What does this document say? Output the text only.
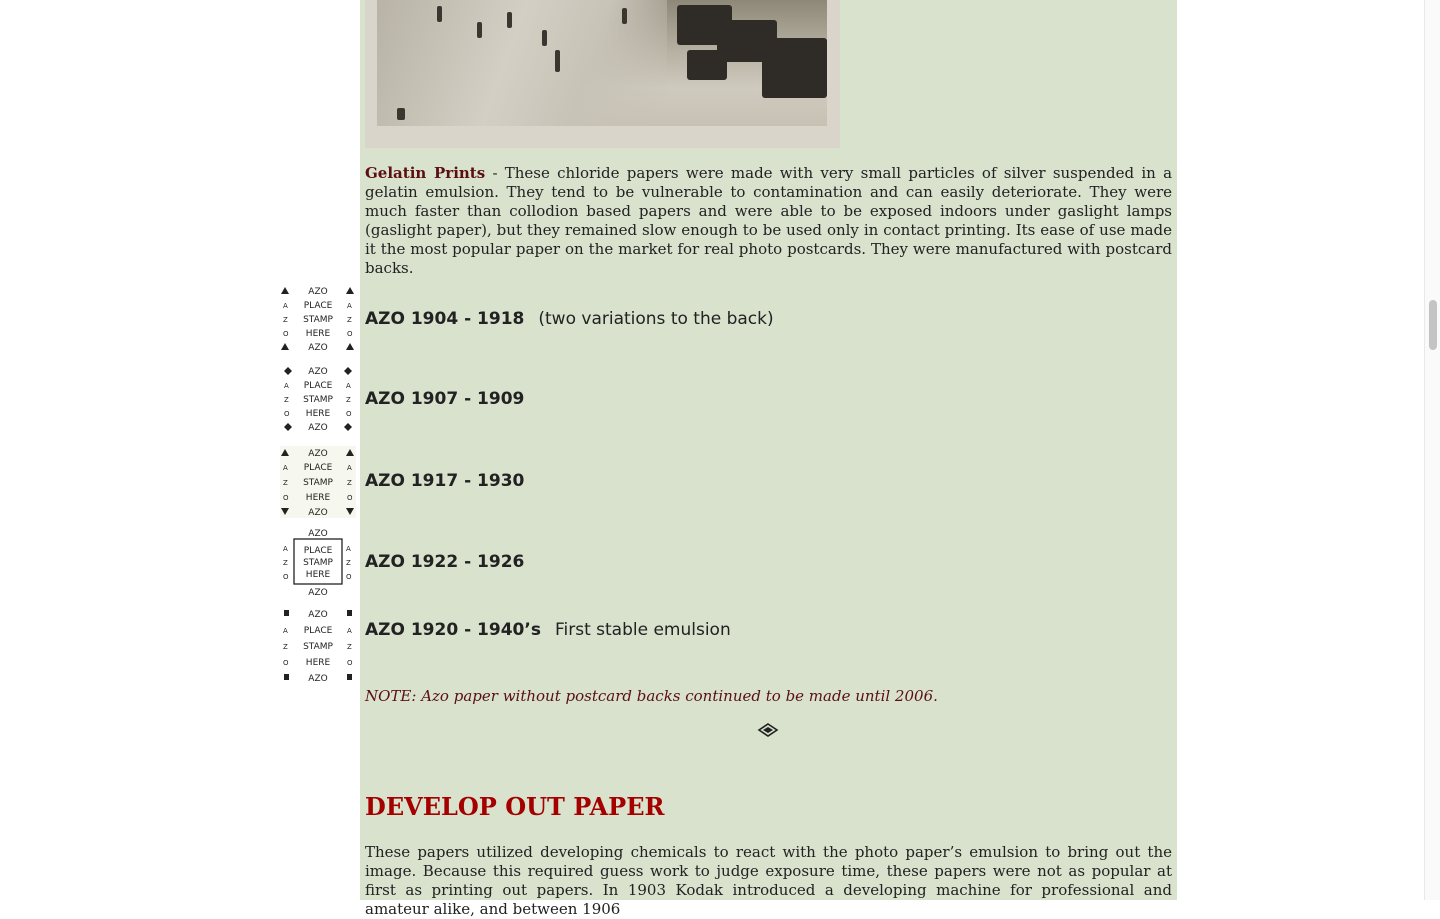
Gelatin Prints - These chloride papers were made with very small particles of silver suspended in a gelatin emulsion. They tend to be vulnerable to contamination and can easily deteriorate. They were much faster than collodion based papers and were able to be exposed indoors under gaslight lamps (gaslight paper), but they remained slow enough to be used only in contact printing. Its ease of use made it the most popular paper on the market for real photo postcards. They were manufactured with postcard backs.
AZO
PLACE
STAMP
HERE
AZO
A
Z
O
A
Z
O
AZO
PLACE
STAMP
HERE
AZO
A
Z
O
A
Z
O
AZO
PLACE
STAMP
HERE
AZO
A
Z
O
A
Z
O
AZO
PLACE
STAMP
HERE
AZO
A
Z
O
A
Z
O
AZO
PLACE
STAMP
HERE
AZO
A
Z
O
A
Z
O
AZO 1904 - 1918 (two variations to the back)
AZO 1907 - 1909
AZO 1917 - 1930
AZO 1922 - 1926
AZO 1920 - 1940’s First stable emulsion
NOTE: Azo paper without postcard backs continued to be made until 2006.
DEVELOP OUT PAPER
These papers utilized developing chemicals to react with the photo paper’s emulsion to bring out the image. Because this required guess work to judge exposure time, these papers were not as popular at first as printing out papers. In 1903 Kodak introduced a developing machine for professional and amateur alike, and between 1906
